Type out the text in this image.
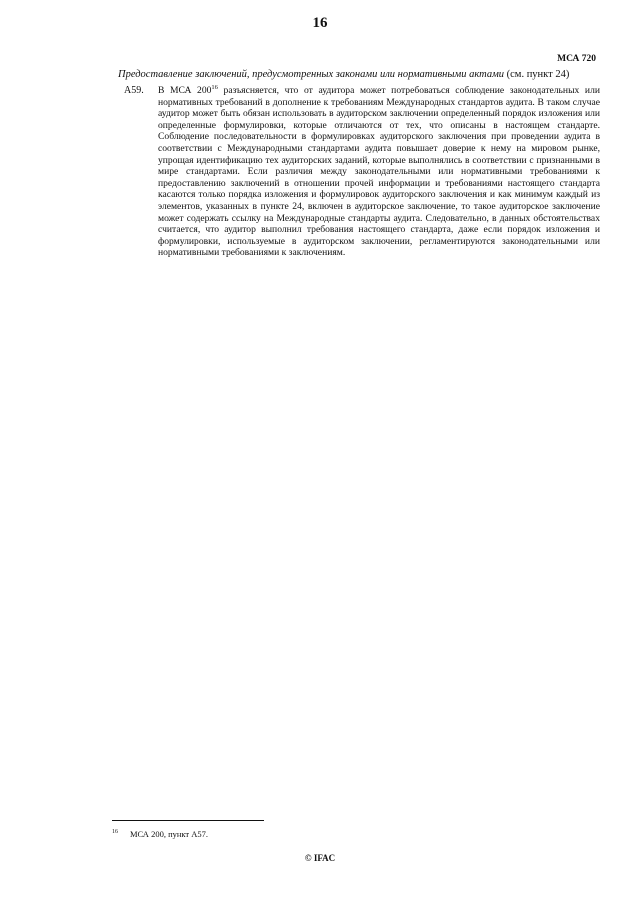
16
МСА 720
Предоставление заключений, предусмотренных законами или нормативными актами (см. пункт 24)
A59. В МСА $200^{16}$ разъясняется, что от аудитора может потребоваться соблюдение законодательных или нормативных требований в дополнение к требованиям Международных стандартов аудита. В таком случае аудитор может быть обязан использовать в аудиторском заключении определенный порядок изложения или определенные формулировки, которые отличаются от тех, что описаны в настоящем стандарте. Соблюдение последовательности в формулировках аудиторского заключения при проведении аудита в соответствии с Международными стандартами аудита повышает доверие к нему на мировом рынке, упрощая идентификацию тех аудиторских заданий, которые выполнялись в соответствии с признанными в мире стандартами. Если различия между законодательными или нормативными требованиями к предоставлению заключений в отношении прочей информации и требованиями настоящего стандарта касаются только порядка изложения и формулировок аудиторского заключения и как минимум каждый из элементов, указанных в пункте 24, включен в аудиторское заключение, то такое аудиторское заключение может содержать ссылку на Международные стандарты аудита. Следовательно, в данных обстоятельствах считается, что аудитор выполнил требования настоящего стандарта, даже если порядок изложения и формулировки, используемые в аудиторском заключении, регламентируются законодательными или нормативными требованиями к заключениям.
$^{16}$ МСА 200, пункт A57.
© IFAC
